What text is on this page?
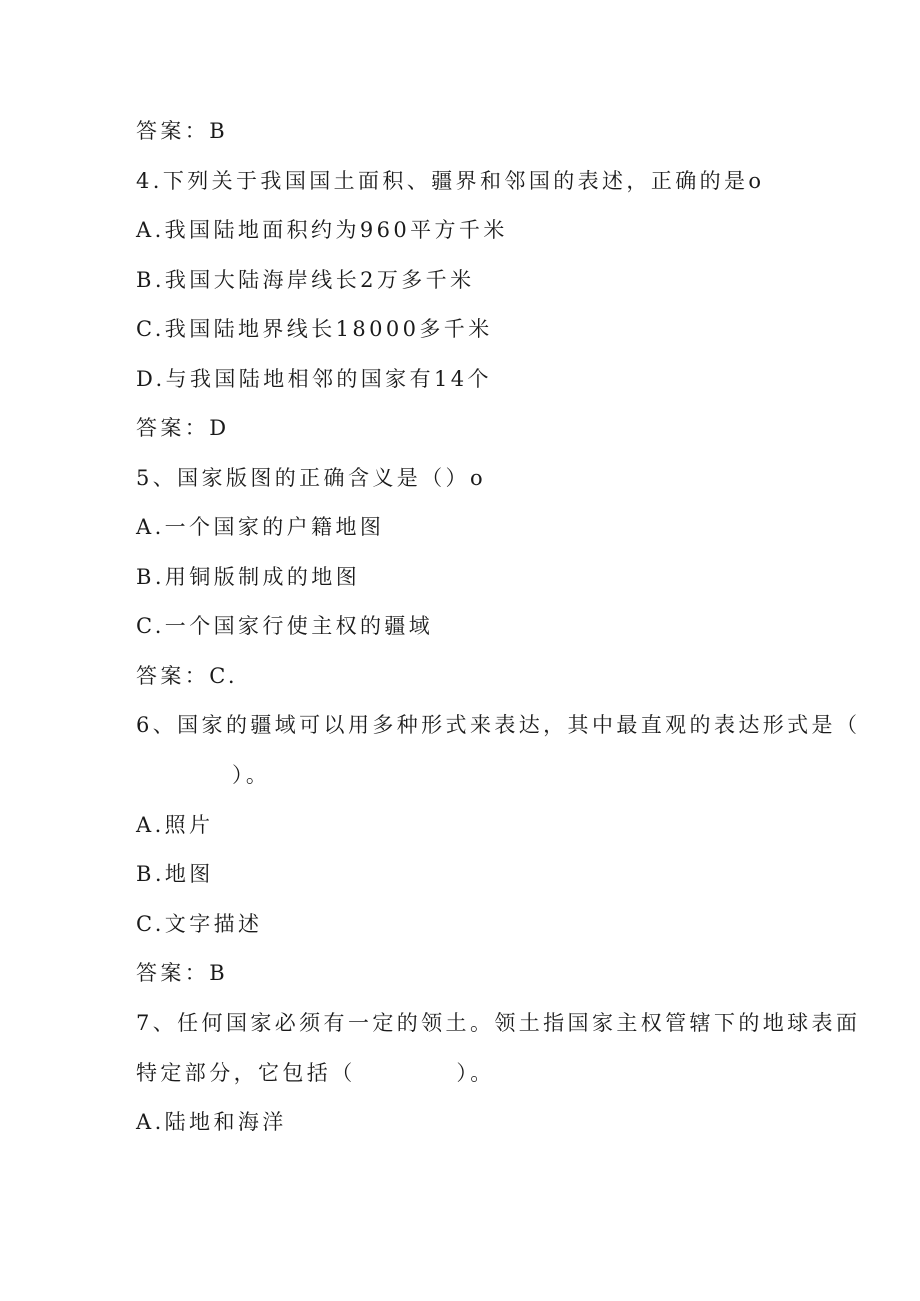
答案：B
4.下列关于我国国土面积、疆界和邻国的表述，正确的是o
A.我国陆地面积约为960平方千米
B.我国大陆海岸线长2万多千米
C.我国陆地界线长18000多千米
D.与我国陆地相邻的国家有14个
答案：D
5、国家版图的正确含义是（）o
A.一个国家的户籍地图
B.用铜版制成的地图
C.一个国家行使主权的疆域
答案：C.
6、国家的疆域可以用多种形式来表达，其中最直观的表达形式是（
）。
A.照片
B.地图
C.文字描述
答案：B
7、任何国家必须有一定的领土。领土指国家主权管辖下的地球表面
特定部分，它包括（          ）。
A.陆地和海洋
